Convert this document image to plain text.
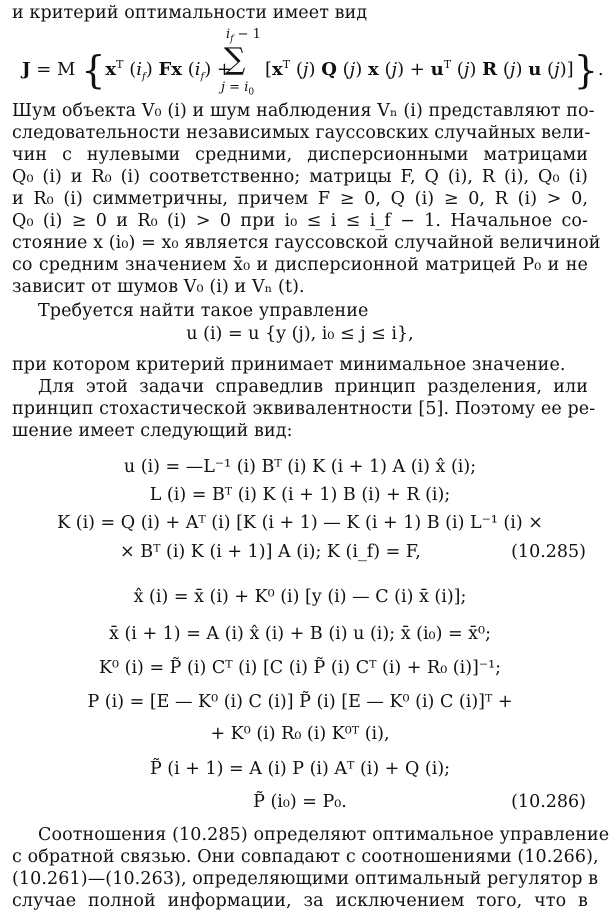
и критерий оптимальности имеет вид
J = M {$x^T$ $(i_f)$ Fx $(i_f)$ +
$i_f - 1$
∑
$j = i_0$
[$x^T$ (j) Q (j) x $(j) + u^T$ (j) R (j) u (j)]}.
Шум объекта V₀ (i) и шум наблюдения Vₙ (i) представляют по-
следовательности независимых гауссовских случайных вели-
чин с нулевыми средними, дисперсионными матрицами
Q₀ (i) и R₀ (i) соответственно; матрицы F, Q (i), R (i), Q₀ (i)
и R₀ (i) симметричны, причем F ≥ 0, Q (i) ≥ 0, R (i) > 0,
Q₀ (i) ≥ 0 и R₀ (i) > 0 при i₀ ≤ i ≤ i_f − 1. Начальное со-
стояние x (i₀) = x₀ является гауссовской случайной величиной
со средним значением x̄₀ и дисперсионной матрицей P₀ и не
зависит от шумов V₀ (i) и Vₙ (t).
Требуется найти такое управление
u (i) = u {y (j), i₀ ≤ j ≤ i},
при котором критерий принимает минимальное значение.
Для этой задачи справедлив принцип разделения, или
принцип стохастической эквивалентности [5]. Поэтому ее ре-
шение имеет следующий вид:
u (i) = —L⁻¹ (i) Bᵀ (i) K (i + 1) A (i) x̂ (i);
L (i) = Bᵀ (i) K (i + 1) B (i) + R (i);
K (i) = Q (i) + Aᵀ (i) [K (i + 1) — K (i + 1) B (i) L⁻¹ (i) ×
× Bᵀ (i) K (i + 1)] A (i); K (i_f) = F,	(10.285)
x̂ (i) = x̄ (i) + K⁰ (i) [y (i) — C (i) x̄ (i)];
x̄ (i + 1) = A (i) x̂ (i) + B (i) u (i); x̄ (i₀) = x̄⁰;
K⁰ (i) = P̃ (i) Cᵀ (i) [C (i) P̃ (i) Cᵀ (i) + R₀ (i)]⁻¹;
P (i) = [E — K⁰ (i) C (i)] P̃ (i) [E — K⁰ (i) C (i)]ᵀ +
+ K⁰ (i) R₀ (i) K⁰ᵀ (i),
P̃ (i + 1) = A (i) P (i) Aᵀ (i) + Q (i);
P̃ (i₀) = P₀.	(10.286)
Соотношения (10.285) определяют оптимальное управление
с обратной связью. Они совпадают с соотношениями (10.266),
(10.261)—(10.263), определяющими оптимальный регулятор в
случае полной информации, за исключением того, что в
